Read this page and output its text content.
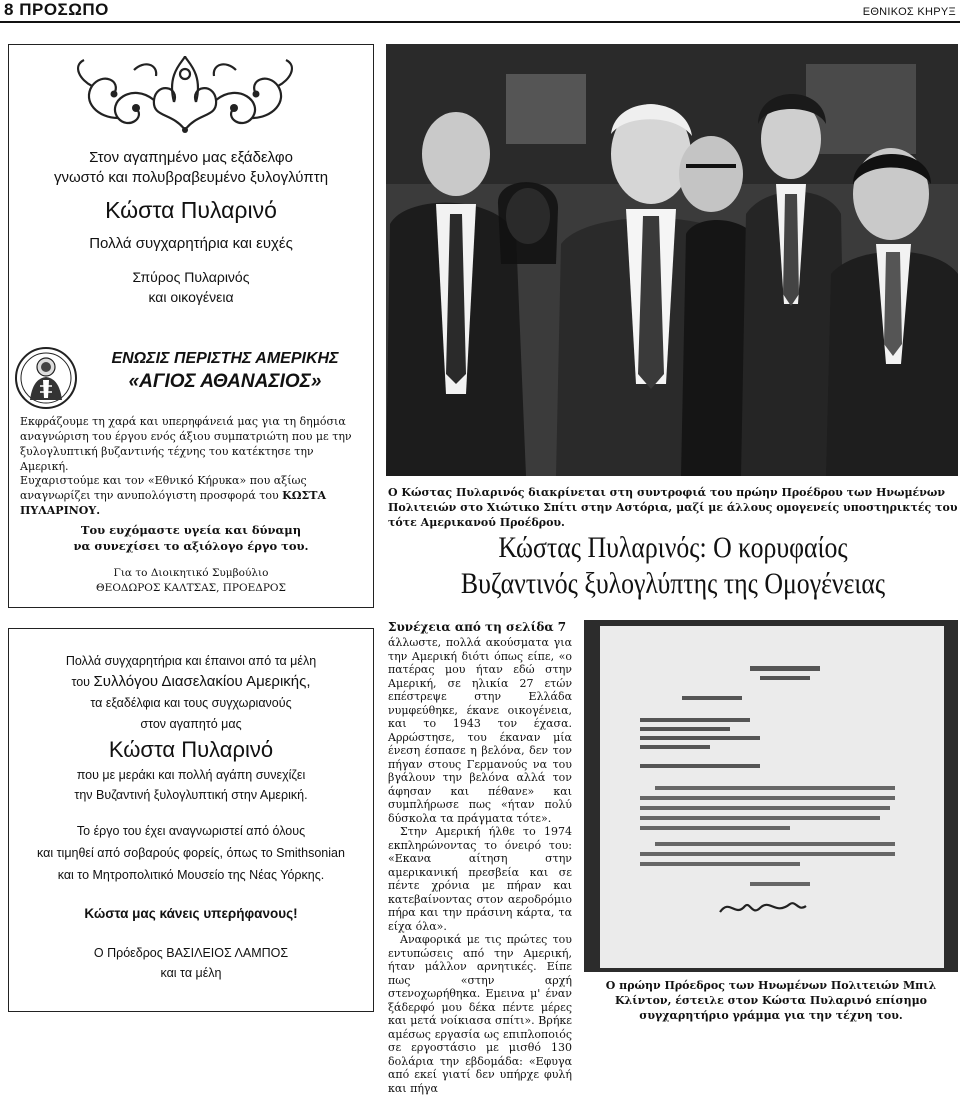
8 ΠΡΟΣΩΠΟ	ΕΘΝΙΚΟΣ ΚΗΡΥΞ
Στον αγαπημένο μας εξάδελφο
γνωστό και πολυβραβευμένο ξυλογλύπτη
Κώστα Πυλαρινό
Πολλά συγχαρητήρια και ευχές
Σπύρος Πυλαρινός
και οικογένεια
ΕΝΩΣΙΣ ΠΕΡΙΣΤΗΣ ΑΜΕΡΙΚΗΣ
«ΑΓΙΟΣ ΑΘΑΝΑΣΙΟΣ»
Εκφράζουμε τη χαρά και υπερηφάνειά μας για τη δημόσια αναγνώριση του έργου ενός άξιου συμπατριώτη που με την ξυλογλυπτική βυζαντινής τέχνης του κατέκτησε την Αμερική.
Ευχαριστούμε και τον «Εθνικό Κήρυκα» που αξίως αναγνωρίζει την ανυπολόγιστη προσφορά του ΚΩΣΤΑ ΠΥΛΑΡΙΝΟΥ.
Του ευχόμαστε υγεία και δύναμη
να συνεχίσει το αξιόλογο έργο του.
Για το Διοικητικό Συμβούλιο
ΘΕΟΔΩΡΟΣ ΚΑΛΤΣΑΣ, ΠΡΟΕΔΡΟΣ
Ο Κώστας Πυλαρινός διακρίνεται στη συντροφιά του πρώην Προέδρου των Ηνωμένων Πολιτειών στο Χιώτικο Σπίτι στην Αστόρια, μαζί με άλλους ομογενείς υποστηρικτές του τότε Αμερικανού Προέδρου.
Κώστας Πυλαρινός: Ο κορυφαίος
Βυζαντινός ξυλογλύπτης της Ομογένειας
Συνέχεια από τη σελίδα 7

άλλωστε, πολλά ακούσματα για την Αμερική διότι όπως είπε, «ο πατέρας μου ήταν εδώ στην Αμερική, σε ηλικία 27 ετών επέστρεψε στην Ελλάδα νυμφεύθηκε, έκανε οικογένεια, και το 1943 τον έχασα. Αρρώστησε, του έκαναν μία ένεση έσπασε η βελόνα, δεν τον πήγαν στους Γερμανούς να του βγάλουν την βελόνα αλλά τον άφησαν και πέθανε» και συμπλήρωσε πως «ήταν πολύ δύσκολα τα πράγματα τότε».

Στην Αμερική ήλθε το 1974 εκπληρώνοντας το όνειρό του: «Εκανα αίτηση στην αμερικανική πρεσβεία και σε πέντε χρόνια με πήραν και κατεβαίνοντας στον αεροδρόμιο πήρα και την πράσινη κάρτα, τα είχα όλα».

Αναφορικά με τις πρώτες του εντυπώσεις από την Αμερική, ήταν μάλλον αρνητικές. Είπε πως «στην αρχή στενοχωρήθηκα. Εμεινα μ' έναν ξάδερφό μου δέκα πέντε μέρες και μετά νοίκιασα σπίτι». Βρήκε αμέσως εργασία ως επιπλοποιός σε εργοστάσιο με μισθό 130 δολάρια την εβδομάδα: «Εφυγα από εκεί γιατί δεν υπήρχε φυλή και πήγα

Ο πρώην Πρόεδρος των Ηνωμένων Πολιτειών Μπιλ Κλίντον, έστειλε στον Κώστα Πυλαρινό επίσημο συγχαρητήριο γράμμα για την τέχνη του.
Πολλά συγχαρητήρια και έπαινοι από τα μέλη
του Συλλόγου Διασελακίου Αμερικής,
τα εξαδέλφια και τους συγχωριανούς
στον αγαπητό μας
Κώστα Πυλαρινό
που με μεράκι και πολλή αγάπη συνεχίζει
την Βυζαντινή ξυλογλυπτική στην Αμερική.
Το έργο του έχει αναγνωριστεί από όλους
και τιμηθεί από σοβαρούς φορείς, όπως το Smithsonian
και το Μητροπολιτικό Μουσείο της Νέας Υόρκης.
Κώστα μας κάνεις υπερήφανους!
Ο Πρόεδρος ΒΑΣΙΛΕΙΟΣ ΛΑΜΠΟΣ
και τα μέλη
